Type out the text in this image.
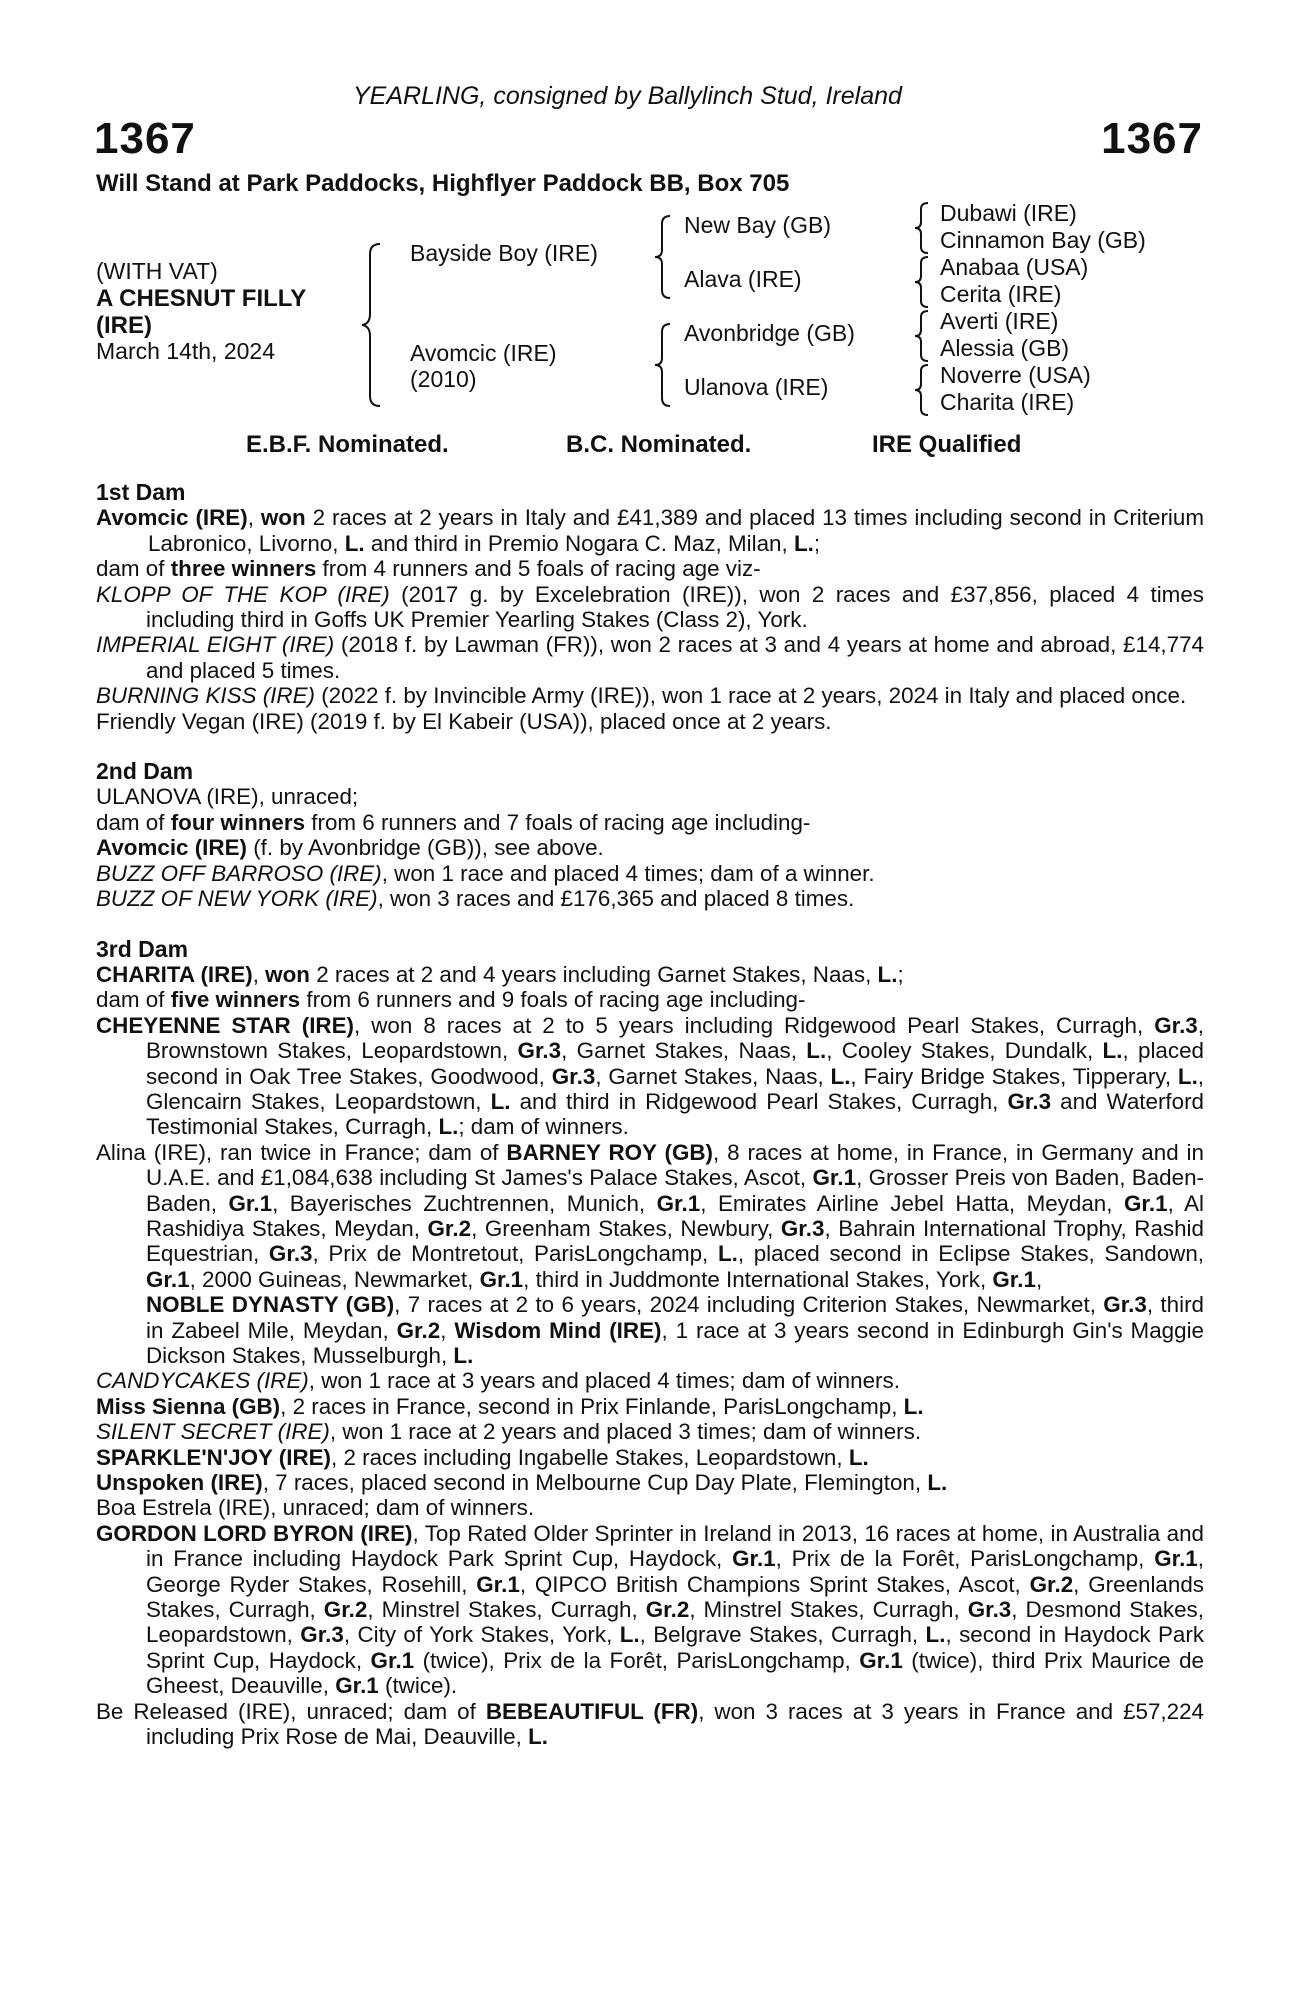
1367
YEARLING, consigned by Ballylinch Stud, Ireland
1367
Will Stand at Park Paddocks, Highflyer Paddock BB, Box 705
(WITH VAT)
A CHESNUT FILLY
(IRE)
March 14th, 2024
Bayside Boy (IRE)
Avomcic (IRE)
(2010)
New Bay (GB)
Alava (IRE)
Avonbridge (GB)
Ulanova (IRE)
Dubawi (IRE)
Cinnamon Bay (GB)
Anabaa (USA)
Cerita (IRE)
Averti (IRE)
Alessia (GB)
Noverre (USA)
Charita (IRE)
E.B.F. Nominated.	B.C. Nominated.	IRE Qualified

1st Dam

Avomcic (IRE), won 2 races at 2 years in Italy and £41,389 and placed 13 times including second in Criterium Labronico, Livorno, L. and third in Premio Nogara C. Maz, Milan, L.;

dam of three winners from 4 runners and 5 foals of racing age viz-

KLOPP OF THE KOP (IRE) (2017 g. by Excelebration (IRE)), won 2 races and £37,856, placed 4 times including third in Goffs UK Premier Yearling Stakes (Class 2), York.

IMPERIAL EIGHT (IRE) (2018 f. by Lawman (FR)), won 2 races at 3 and 4 years at home and abroad, £14,774 and placed 5 times.

BURNING KISS (IRE) (2022 f. by Invincible Army (IRE)), won 1 race at 2 years, 2024 in Italy and placed once.

Friendly Vegan (IRE) (2019 f. by El Kabeir (USA)), placed once at 2 years.

2nd Dam

ULANOVA (IRE), unraced;

dam of four winners from 6 runners and 7 foals of racing age including-

Avomcic (IRE) (f. by Avonbridge (GB)), see above.

BUZZ OFF BARROSO (IRE), won 1 race and placed 4 times; dam of a winner.

BUZZ OF NEW YORK (IRE), won 3 races and £176,365 and placed 8 times.

3rd Dam

CHARITA (IRE), won 2 races at 2 and 4 years including Garnet Stakes, Naas, L.;

dam of five winners from 6 runners and 9 foals of racing age including-

CHEYENNE STAR (IRE), won 8 races at 2 to 5 years including Ridgewood Pearl Stakes, Curragh, Gr.3, Brownstown Stakes, Leopardstown, Gr.3, Garnet Stakes, Naas, L., Cooley Stakes, Dundalk, L., placed second in Oak Tree Stakes, Goodwood, Gr.3, Garnet Stakes, Naas, L., Fairy Bridge Stakes, Tipperary, L., Glencairn Stakes, Leopardstown, L. and third in Ridgewood Pearl Stakes, Curragh, Gr.3 and Waterford Testimonial Stakes, Curragh, L.; dam of winners.

Alina (IRE), ran twice in France; dam of BARNEY ROY (GB), 8 races at home, in France, in Germany and in U.A.E. and £1,084,638 including St James's Palace Stakes, Ascot, Gr.1, Grosser Preis von Baden, Baden-Baden, Gr.1, Bayerisches Zuchtrennen, Munich, Gr.1, Emirates Airline Jebel Hatta, Meydan, Gr.1, Al Rashidiya Stakes, Meydan, Gr.2, Greenham Stakes, Newbury, Gr.3, Bahrain International Trophy, Rashid Equestrian, Gr.3, Prix de Montretout, ParisLongchamp, L., placed second in Eclipse Stakes, Sandown, Gr.1, 2000 Guineas, Newmarket, Gr.1, third in Juddmonte International Stakes, York, Gr.1,
NOBLE DYNASTY (GB), 7 races at 2 to 6 years, 2024 including Criterion Stakes, Newmarket, Gr.3, third in Zabeel Mile, Meydan, Gr.2, Wisdom Mind (IRE), 1 race at 3 years second in Edinburgh Gin's Maggie Dickson Stakes, Musselburgh, L.

CANDYCAKES (IRE), won 1 race at 3 years and placed 4 times; dam of winners.

Miss Sienna (GB), 2 races in France, second in Prix Finlande, ParisLongchamp, L.

SILENT SECRET (IRE), won 1 race at 2 years and placed 3 times; dam of winners.

SPARKLE'N'JOY (IRE), 2 races including Ingabelle Stakes, Leopardstown, L.

Unspoken (IRE), 7 races, placed second in Melbourne Cup Day Plate, Flemington, L.

Boa Estrela (IRE), unraced; dam of winners.

GORDON LORD BYRON (IRE), Top Rated Older Sprinter in Ireland in 2013, 16 races at home, in Australia and in France including Haydock Park Sprint Cup, Haydock, Gr.1, Prix de la Forêt, ParisLongchamp, Gr.1, George Ryder Stakes, Rosehill, Gr.1, QIPCO British Champions Sprint Stakes, Ascot, Gr.2, Greenlands Stakes, Curragh, Gr.2, Minstrel Stakes, Curragh, Gr.2, Minstrel Stakes, Curragh, Gr.3, Desmond Stakes, Leopardstown, Gr.3, City of York Stakes, York, L., Belgrave Stakes, Curragh, L., second in Haydock Park Sprint Cup, Haydock, Gr.1 (twice), Prix de la Forêt, ParisLongchamp, Gr.1 (twice), third Prix Maurice de Gheest, Deauville, Gr.1 (twice).

Be Released (IRE), unraced; dam of BEBEAUTIFUL (FR), won 3 races at 3 years in France and £57,224 including Prix Rose de Mai, Deauville, L.
